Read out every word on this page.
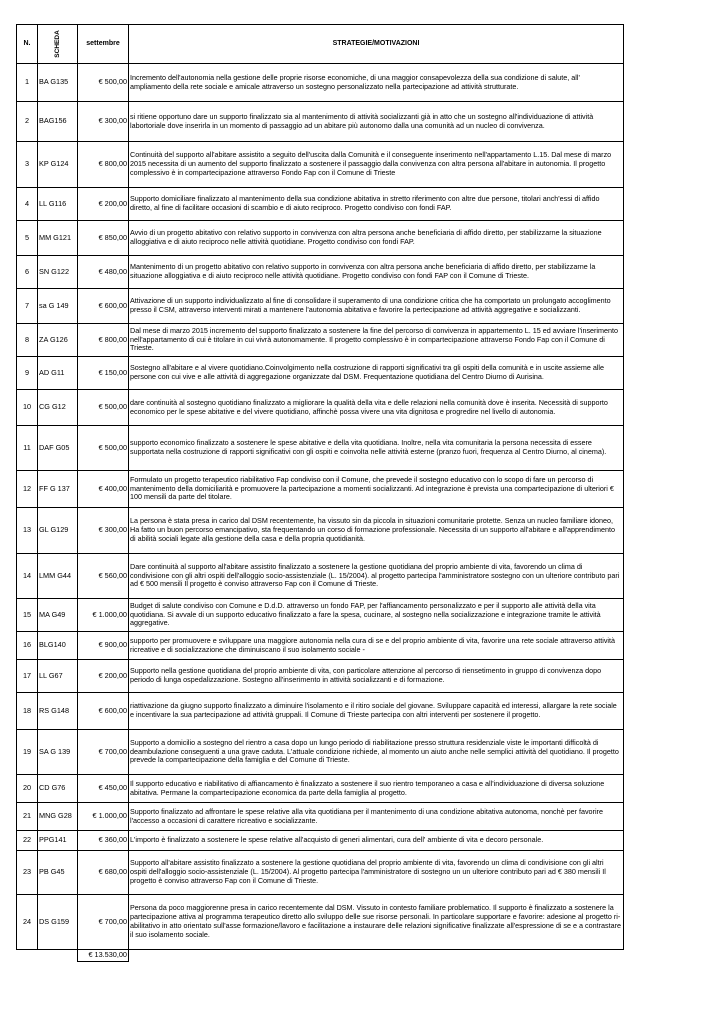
N.	SCHEDA	settembre	STRATEGIE/MOTIVAZIONI
1	BA G135	€ 500,00	Incremento dell'autonomia nella gestione delle proprie risorse economiche, di una maggior consapevolezza della sua condizione di salute, all' ampliamento della rete sociale e amicale attraverso un sostegno personalizzato nella partecipazione ad attività strutturate.
2	BAG156	€ 300,00	si ritiene opportuno dare un supporto finalizzato sia al mantenimento di attività socializzanti già in atto che un sostegno all'individuazione di attività labortoriale dove inserirla in un momento di passaggio ad un abitare più autonomo dalla una comunità ad un nucleo di convivenza.
3	KP G124	€ 800,00	Continuità del supporto all'abitare assistito a seguito dell'uscita dalla Comunità e il conseguente inserimento nell'appartamento L.15. Dal mese di marzo 2015 necessita di un aumento del supporto finalizzato a sostenere il passaggio dalla convivenza con altra persona all'abitare in autonomia. Il progetto complessivo è in compartecipazione attraverso Fondo Fap con il Comune di Trieste
4	LL G116	€ 200,00	Supporto domiciliare finalizzato al mantenimento della sua condizione abitativa in stretto riferimento con altre due persone, titolari anch'essi di affido diretto, al fine di facilitare occasioni di scambio e di aiuto reciproco. Progetto condiviso con fondi FAP.
5	MM G121	€ 850,00	Avvio di un progetto abitativo con relativo supporto in convivenza con altra persona anche beneficiaria di affido diretto, per stabilizzarne la situazione alloggiativa e di aiuto reciproco nelle attività quotidiane. Progetto condiviso con fondi FAP.
6	SN G122	€ 480,00	Mantenimento di un progetto abitativo con relativo supporto in convivenza con altra persona anche beneficiaria di affido diretto, per stabilizzarne la situazione alloggiativa e di aiuto reciproco nelle attività quotidiane. Progetto condiviso con fondi FAP con il Comune di Trieste.
7	sa G 149	€ 600,00	Attivazione di un supporto individualizzato al fine di consolidare il superamento di una condizione critica che ha comportato un prolungato accoglimento presso il CSM, attraverso interventi mirati a mantenere l'autonomia abitativa e favorire la pertecipazione ad attività aggregative e socializzanti.
8	ZA G126	€ 800,00	Dal mese di marzo 2015 incremento del supporto finalizzato a sostenere la fine del percorso di convivenza in appartemento L. 15 ed avviare l'inserimento nell'appartamento di cui è titolare in cui vivrà autonomamente. Il progetto complessivo è in compartecipazione attraverso Fondo Fap con il Comune di Trieste.
9	AD G11	€ 150,00	Sostegno all'abitare e al vivere quotidiano.Coinvolgimento nella costruzione di rapporti significativi tra gli ospiti della comunità e in uscite assieme alle persone con cui vive e alle attività di aggregazione organizzate dal DSM. Frequentazione quotidiana del Centro Diurno di Aurisina.
10	CG G12	€ 500,00	dare continuità al sostegno quotidiano finalizzato a migliorare la qualità della vita e delle relazioni nella comunità dove è inserita. Necessità di supporto economico per le spese abitative e del vivere quotidiano, affinchè possa vivere una vita dignitosa e progredire nel livello di autonomia.
11	DAF G05	€ 500,00	supporto economico finalizzato a sostenere le spese abitative e della vita quotidiana. Inoltre, nella vita comunitaria la persona necessita di essere supportata nella costruzione di rapporti significativi con gli ospiti e coinvolta nelle attività esterne (pranzo fuori, frequenza al Centro Diurno, al cinema).
12	FF G 137	€ 400,00	Formulato un progetto terapeutico riabilitativo Fap condiviso con il Comune, che prevede il sostegno educativo con lo scopo di fare un percorso di mantenimento della domiciliarità e promuovere la partecipazione a momenti socializzanti. Ad integrazione è prevista una compartecipazione di ulteriori € 100 mensili da parte del titolare.
13	GL G129	€ 300,00	La persona è stata presa in carico dal DSM recentemente, ha vissuto sin da piccola in situazioni comunitarie protette. Senza un nucleo familiare idoneo, Ha fatto un buon percorso emancipativo, sta frequentando un corso di formazione professionale. Necessita di un supporto all'abitare e all'apprendimento di abilità sociali legate alla gestione della casa e della propria quotidianità.
14	LMM G44	€ 560,00	Dare continuità al supporto all'abitare assistito finalizzato a sostenere la gestione quotidiana del proprio ambiente di vita, favorendo un clima di condivisione con gli altri ospiti dell'alloggio socio-assistenziale (L. 15/2004). al progetto partecipa l'amministratore sostegno con un ulteriore contributo pari ad € 500 mensili Il progetto è conviso attraverso Fap con il Comune di Trieste.
15	MA G49	€ 1.000,00	Budget di salute condiviso con Comune e D.d.D. attraverso un fondo FAP, per l'affiancamento personalizzato e per il supporto alle attività della vita quotidiana. Si avvale di un supporto educativo finalizzato a fare la spesa, cucinare, al sostegno nella socializzazione e integrazione tramite le attività aggregative.
16	BLG140	€ 900,00	supporto per promuovere e sviluppare una maggiore autonomia nella cura di se e del proprio ambiente di vita, favorire una rete sociale attraverso attività ricreative e di socializzazione che diminuiscano il suo isolamento sociale -
17	LL G67	€ 200,00	Supporto nella gestione quotidiana del proprio ambiente di vita, con particolare attenzione al percorso di riensetimento in gruppo di convivenza dopo periodo di lunga ospedalizzazione. Sostegno all'inserimento in attività socializzanti e di formazione.
18	RS G148	€ 600,00	riattivazione da giugno supporto finalizzato a diminuire l'isolamento e il ritiro sociale del giovane. Sviluppare capacità ed interessi, allargare la rete sociale e incentivare la sua partecipazione ad attività gruppali. Il Comune di Trieste partecipa con altri interventi per sostenere il progetto.
19	SA G 139	€ 700,00	Supporto a domicilio a sostegno del rientro a casa dopo un lungo periodo di riabilitazione presso struttura residenziale viste le importanti difficoltà di deambulazione conseguenti a una grave caduta. L'attuale condizione richiede, al momento un aiuto anche nelle semplici attività del quotidiano. Il progetto prevede la compartecipazione della famiglia e del Comune di Trieste.
20	CD G76	€ 450,00	Il supporto educativo e riabilitativo di affiancamento è finalizzato a sostenere il suo rientro temporaneo a casa e all'individuazione di diversa soluzione abitativa. Permane la compartecipazione economica da parte della famiglia al progetto.
21	MNG G28	€ 1.000,00	Supporto finalizzato ad affrontare le spese relative alla vita quotidiana per il mantenimento di una condizione abitativa autonoma, nonchè per favorire l'accesso a occasioni di carattere ricreativo e socializzante.
22	PPG141	€ 360,00	L'importo è finalizzato a sostenere le spese relative all'acquisto di generi alimentari, cura dell' ambiente di vita e decoro personale.
23	PB G45	€ 680,00	Supporto all'abitare assistito finalizzato a sostenere la gestione quotidiana del proprio ambiente di vita, favorendo un clima di condivisione con gli altri ospiti dell'alloggio socio-assistenziale (L. 15/2004). Al progetto partecipa l'amministratore di sostegno un un ulteriore contributo pari ad € 380 mensili Il progetto è conviso attraverso Fap con il Comune di Trieste.
24	DS G159	€ 700,00	Persona da poco maggiorenne presa in carico recentemente dal DSM. Vissuto in contesto familiare problematico. Il supporto è finalizzato a sostenere la partecipazione attiva al programma terapeutico diretto allo sviluppo delle sue risorse personali. In particolare supportare e favorire: adesione al progetto ri-abilitativo in atto orientato sull'asse formazione/lavoro e facilitazione a instaurare delle relazioni significative finalizzate all'espressione di se e a contrastare il suo isolamento sociale.
		€ 13.530,00	
